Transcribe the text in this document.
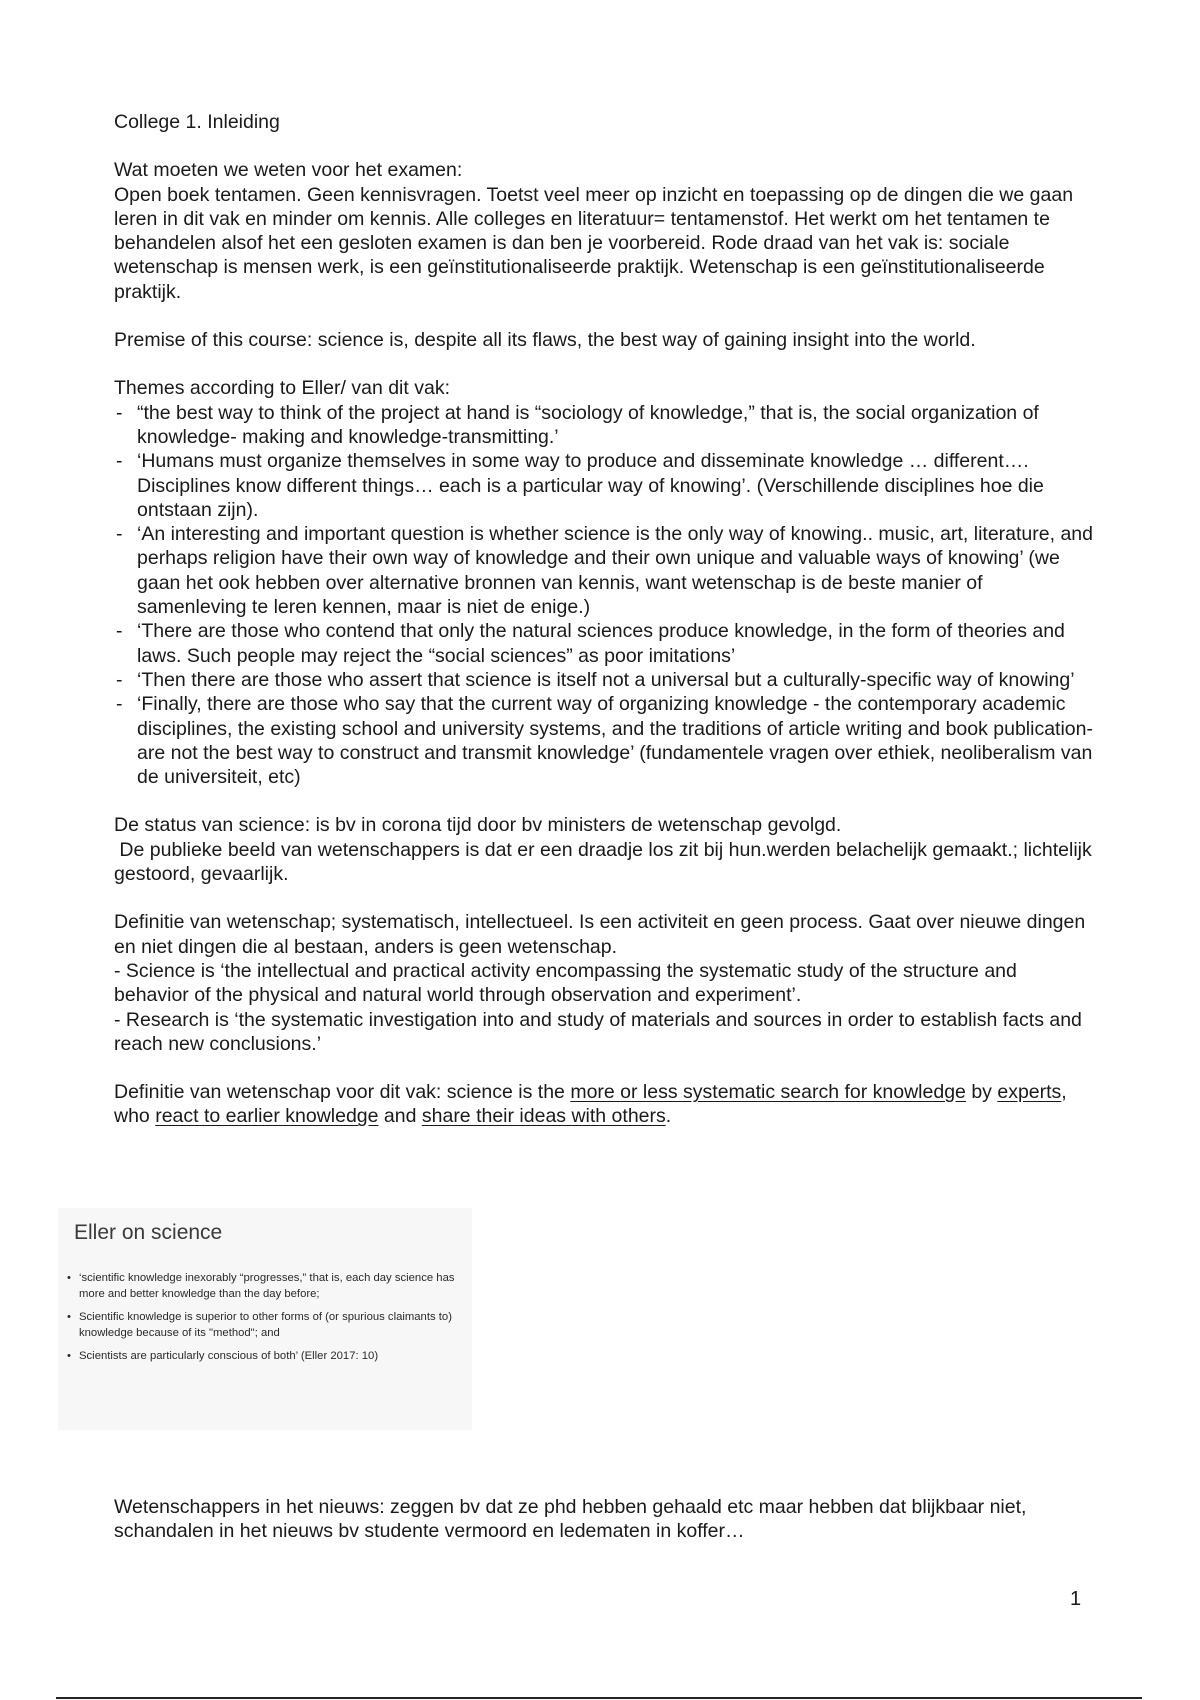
College 1. Inleiding

Wat moeten we weten voor het examen:

Open boek tentamen. Geen kennisvragen. Toetst veel meer op inzicht en toepassing op de dingen die we gaan leren in dit vak en minder om kennis. Alle colleges en literatuur= tentamenstof. Het werkt om het tentamen te behandelen alsof het een gesloten examen is dan ben je voorbereid. Rode draad van het vak is: sociale wetenschap is mensen werk, is een geïnstitutionaliseerde praktijk. Wetenschap is een geïnstitutionaliseerde praktijk.

Premise of this course: science is, despite all its flaws, the best way of gaining insight into the world.

Themes according to Eller/ van dit vak:

- “the best way to think of the project at hand is “sociology of knowledge,” that is, the social organization of knowledge- making and knowledge-transmitting.’
- ‘Humans must organize themselves in some way to produce and disseminate knowledge … different…. Disciplines know different things… each is a particular way of knowing’. (Verschillende disciplines hoe die ontstaan zijn).
- ‘An interesting and important question is whether science is the only way of knowing.. music, art, literature, and perhaps religion have their own way of knowledge and their own unique and valuable ways of knowing’ (we gaan het ook hebben over alternative bronnen van kennis, want wetenschap is de beste manier of samenleving te leren kennen, maar is niet de enige.)
- ‘There are those who contend that only the natural sciences produce knowledge, in the form of theories and laws. Such people may reject the “social sciences” as poor imitations’
- ‘Then there are those who assert that science is itself not a universal but a culturally-specific way of knowing’
- ‘Finally, there are those who say that the current way of organizing knowledge - the contemporary academic disciplines, the existing school and university systems, and the traditions of article writing and book publication- are not the best way to construct and transmit knowledge’ (fundamentele vragen over ethiek, neoliberalism van de universiteit, etc)

De status van science: is bv in corona tijd door bv ministers de wetenschap gevolgd.

De publieke beeld van wetenschappers is dat er een draadje los zit bij hun.werden belachelijk gemaakt.; lichtelijk gestoord, gevaarlijk.

Definitie van wetenschap; systematisch, intellectueel. Is een activiteit en geen process. Gaat over nieuwe dingen en niet dingen die al bestaan, anders is geen wetenschap.

- Science is ‘the intellectual and practical activity encompassing the systematic study of the structure and behavior of the physical and natural world through observation and experiment’.

- Research is ‘the systematic investigation into and study of materials and sources in order to establish facts and reach new conclusions.’

Definitie van wetenschap voor dit vak: science is the more or less systematic search for knowledge by experts, who react to earlier knowledge and share their ideas with others.

Eller on science
• ‘scientific knowledge inexorably “progresses,” that is, each day science has more and better knowledge than the day before;
• Scientific knowledge is superior to other forms of (or spurious claimants to) knowledge because of its "method"; and
• Scientists are particularly conscious of both’ (Eller 2017: 10)
Wetenschappers in het nieuws: zeggen bv dat ze phd hebben gehaald etc maar hebben dat blijkbaar niet, schandalen in het nieuws bv studente vermoord en ledematen in koffer…
1
